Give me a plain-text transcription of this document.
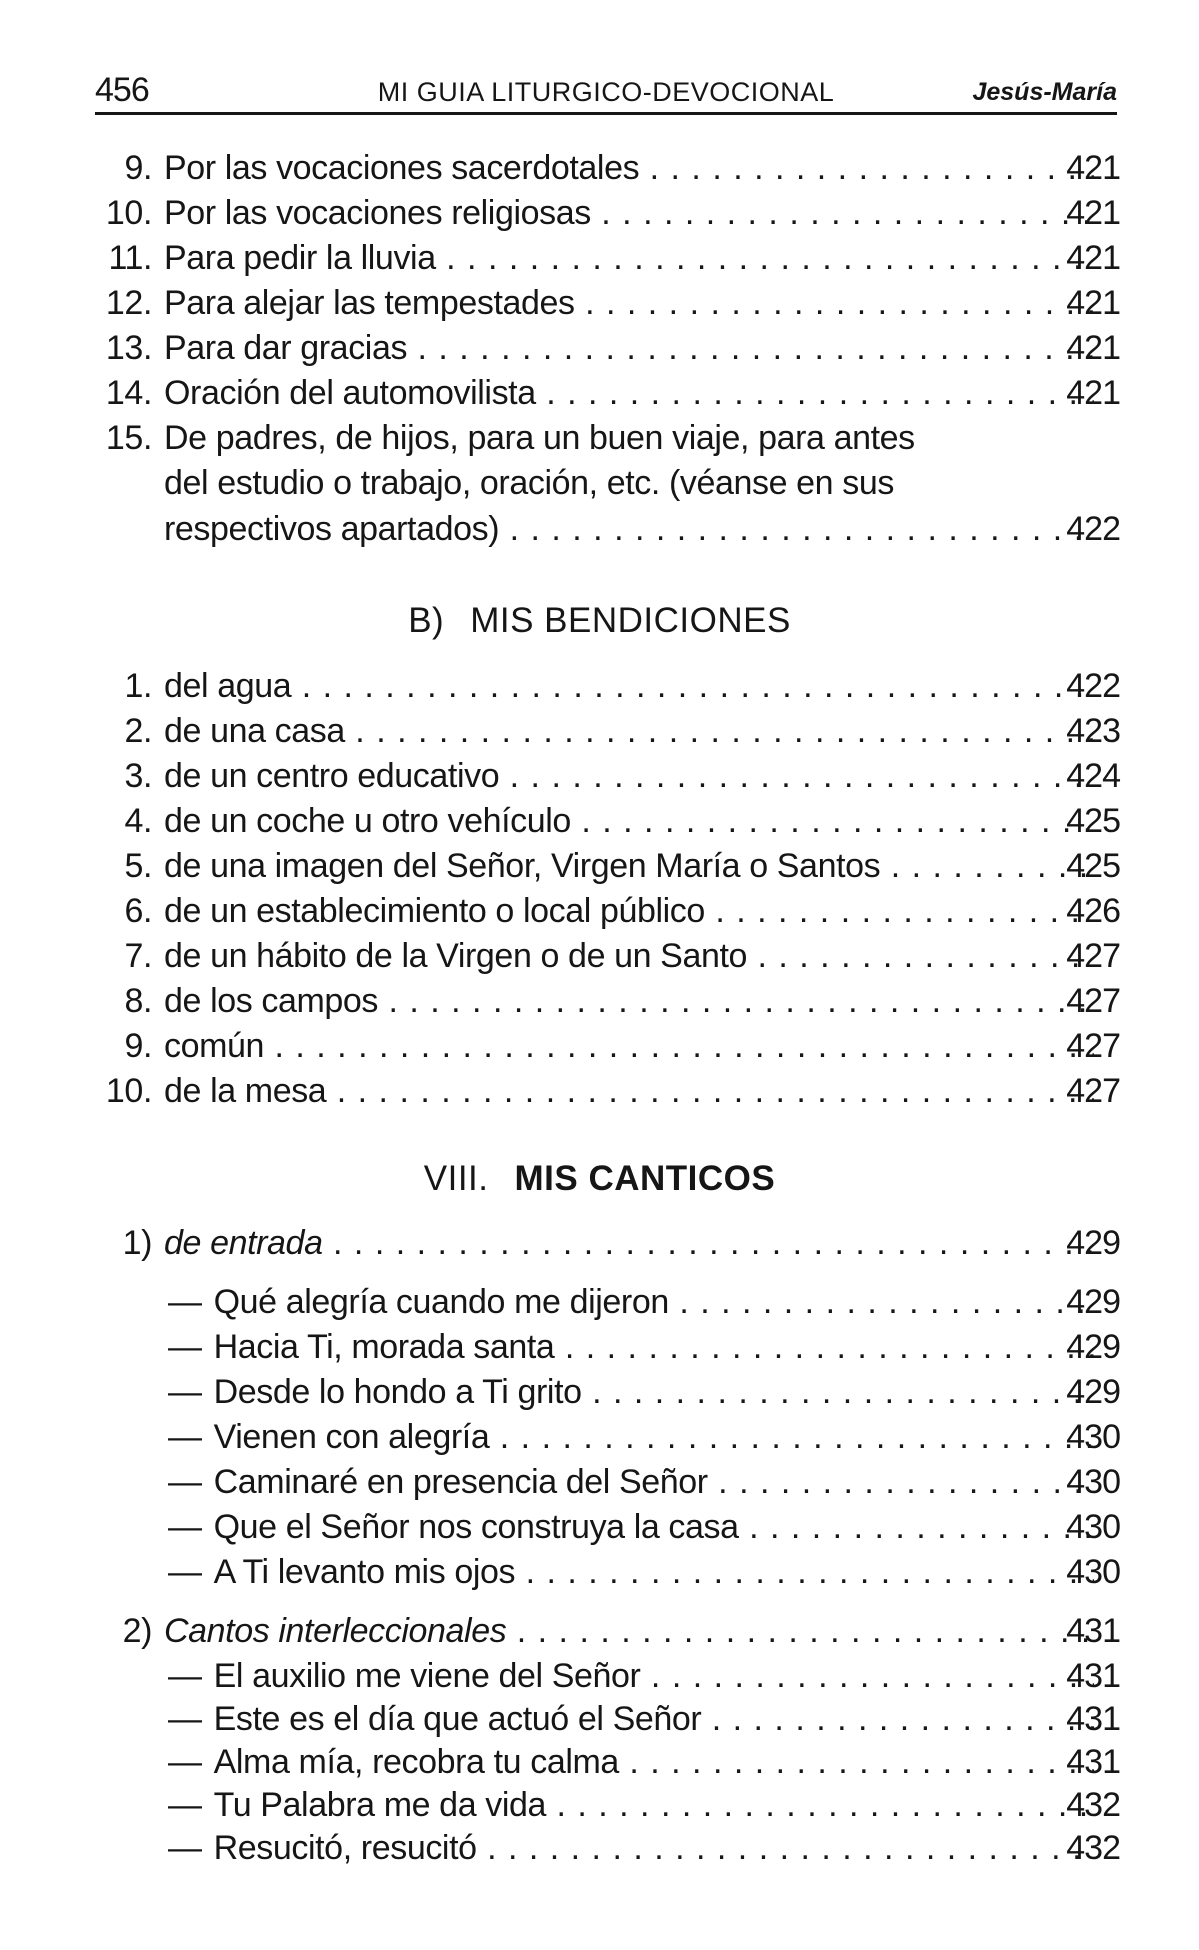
456	MI GUIA LITURGICO-DEVOCIONAL	Jesús-María
9. Por las vocaciones sacerdotales . . .	421
10. Por las vocaciones religiosas . . .	421
11. Para pedir la lluvia . . .	421
12. Para alejar las tempestades . . .	421
13. Para dar gracias . . .	421
14. Oración del automovilista . . .	421
15. De padres, de hijos, para un buen viaje, para antes
del estudio o trabajo, oración, etc. (véanse en sus
respectivos apartados) . . .	422
B) MIS BENDICIONES
1. del agua . . .	422
2. de una casa . . .	423
3. de un centro educativo . . .	424
4. de un coche u otro vehículo . . .	425
5. de una imagen del Señor, Virgen María o Santos . . .	425
6. de un establecimiento o local público . . .	426
7. de un hábito de la Virgen o de un Santo . . .	427
8. de los campos . . .	427
9. común . . .	427
10. de la mesa . . .	427
VIII. MIS CANTICOS
1) de entrada . . .	429
— Qué alegría cuando me dijeron . . .	429
— Hacia Ti, morada santa . . .	429
— Desde lo hondo a Ti grito . . .	429
— Vienen con alegría . . .	430
— Caminaré en presencia del Señor . . .	430
— Que el Señor nos construya la casa . . .	430
— A Ti levanto mis ojos . . .	430
2) Cantos interleccionales . . .	431
— El auxilio me viene del Señor . . .	431
— Este es el día que actuó el Señor . . .	431
— Alma mía, recobra tu calma . . .	431
— Tu Palabra me da vida . . .	432
— Resucitó, resucitó . . .	432
